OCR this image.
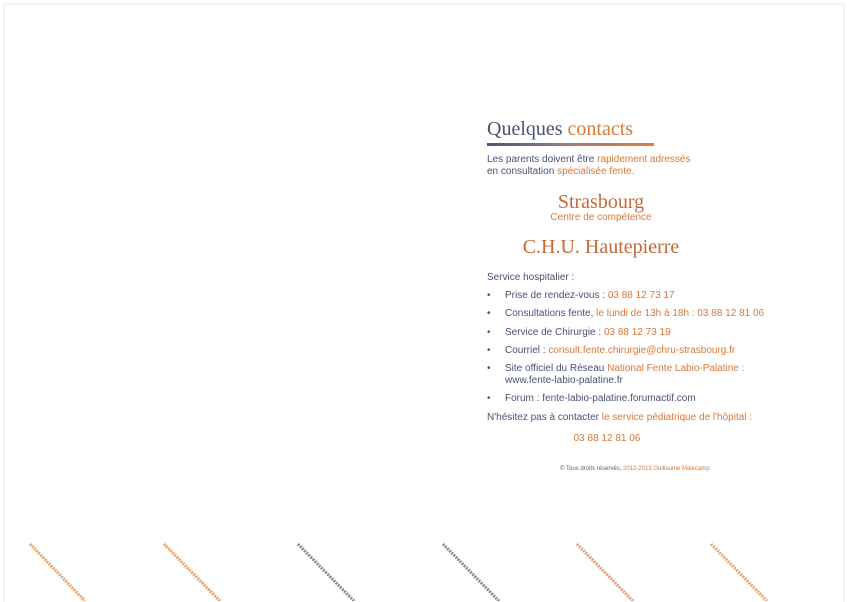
Quelques contacts
Les parents doivent être rapidement adressés
en consultation spécialisée fente.
Strasbourg
Centre de compétence
C.H.U. Hautepierre
Service hospitalier :
• Prise de rendez-vous : 03 88 12 73 17
• Consultations fente, le lundi de 13h à 18h : 03 88 12 81 06
• Service de Chirurgie : 03 88 12 73 19
• Courriel : consult.fente.chirurgie@chru-strasbourg.fr
• Site officiel du Réseau National Fente Labio-Palatine :
www.fente-labio-palatine.fr
• Forum : fente-labio-palatine.forumactif.com
N'hésitez pas à contacter le service pédiatrique de l'hôpital :
03 88 12 81 06
© Tous droits réservés, 2012-2013 Guillaume Malecamp
